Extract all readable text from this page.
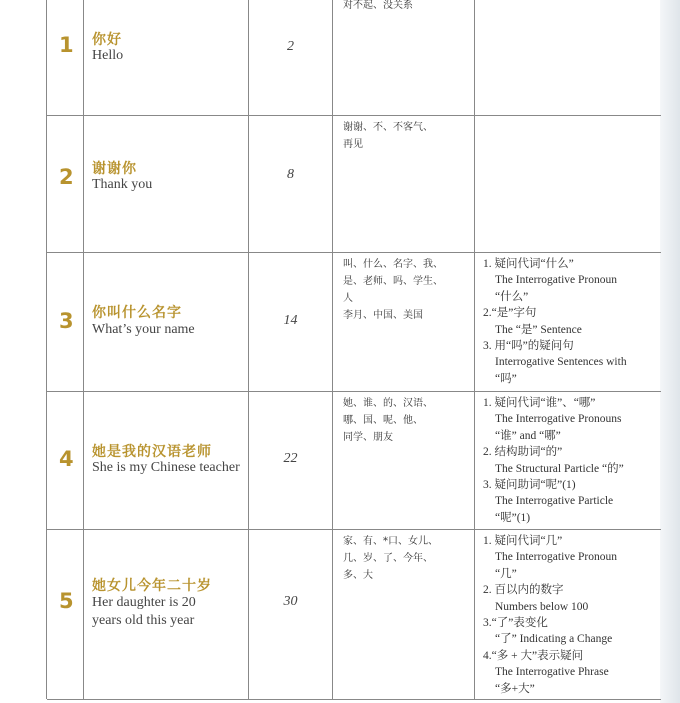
1 你好
Hello
2
对不起、没关系
2 谢谢你
Thank you
8
谢谢、不、不客气、
再见
3 你叫什么名字
What’s your name
14
叫、什么、名字、我、
是、老师、吗、学生、
人
李月、中国、美国
1. 疑问代词“什么”
The Interrogative Pronoun
“什么”
2.“是”字句
The “是” Sentence
3. 用“吗”的疑问句
Interrogative Sentences with
“吗”
4 她是我的汉语老师
She is my Chinese teacher
22
她、谁、的、汉语、
哪、国、呢、他、
同学、朋友
1. 疑问代词“谁”、“哪”
The Interrogative Pronouns
“谁” and “哪”
2. 结构助词“的”
The Structural Particle “的”
3. 疑问助词“呢”(1)
The Interrogative Particle
“呢”(1)
5
她女儿今年二十岁
Her daughter is 20 years old this year
30
家、有、*口、女儿、
几、岁、了、今年、
多、大
1. 疑问代词“几”
The Interrogative Pronoun
“几”
2. 百以内的数字
Numbers below 100
3.“了”表变化
“了” Indicating a Change
4.“多 + 大”表示疑问
The Interrogative Phrase
“多+大”
